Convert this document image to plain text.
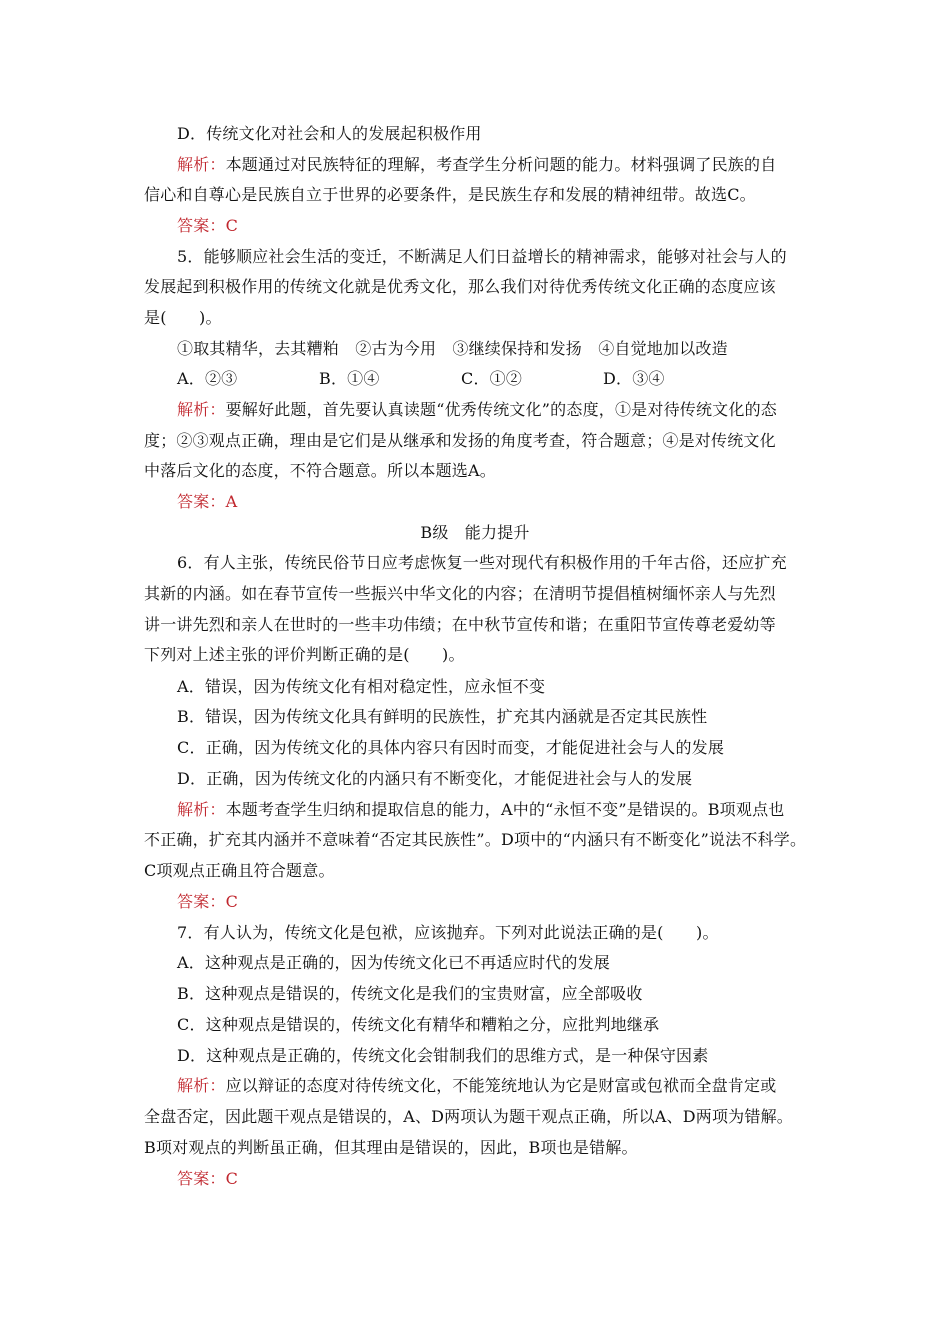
D．传统文化对社会和人的发展起积极作用
解析：本题通过对民族特征的理解，考查学生分析问题的能力。材料强调了民族的自
信心和自尊心是民族自立于世界的必要条件，是民族生存和发展的精神纽带。故选C。
答案：C
5．能够顺应社会生活的变迁，不断满足人们日益增长的精神需求，能够对社会与人的
发展起到积极作用的传统文化就是优秀文化，那么我们对待优秀传统文化正确的态度应该
是(　　)。
①取其精华，去其糟粕　②古为今用　③继续保持和发扬　④自觉地加以改造
A．②③	B．①④	C．①②	D．③④
解析：要解好此题，首先要认真读题“优秀传统文化”的态度，①是对待传统文化的态
度；②③观点正确，理由是它们是从继承和发扬的角度考查，符合题意；④是对传统文化
中落后文化的态度，不符合题意。所以本题选A。
答案：A
B级　能力提升
6．有人主张，传统民俗节日应考虑恢复一些对现代有积极作用的千年古俗，还应扩充
其新的内涵。如在春节宣传一些振兴中华文化的内容；在清明节提倡植树缅怀亲人与先烈
讲一讲先烈和亲人在世时的一些丰功伟绩；在中秋节宣传和谐；在重阳节宣传尊老爱幼等
下列对上述主张的评价判断正确的是(　　)。
A．错误，因为传统文化有相对稳定性，应永恒不变
B．错误，因为传统文化具有鲜明的民族性，扩充其内涵就是否定其民族性
C．正确，因为传统文化的具体内容只有因时而变，才能促进社会与人的发展
D．正确，因为传统文化的内涵只有不断变化，才能促进社会与人的发展
解析：本题考查学生归纳和提取信息的能力，A中的“永恒不变”是错误的。B项观点也
不正确，扩充其内涵并不意味着“否定其民族性”。D项中的“内涵只有不断变化”说法不科学。
C项观点正确且符合题意。
答案：C
7．有人认为，传统文化是包袱，应该抛弃。下列对此说法正确的是(　　)。
A．这种观点是正确的，因为传统文化已不再适应时代的发展
B．这种观点是错误的，传统文化是我们的宝贵财富，应全部吸收
C．这种观点是错误的，传统文化有精华和糟粕之分，应批判地继承
D．这种观点是正确的，传统文化会钳制我们的思维方式，是一种保守因素
解析：应以辩证的态度对待传统文化，不能笼统地认为它是财富或包袱而全盘肯定或
全盘否定，因此题干观点是错误的，A、D两项认为题干观点正确，所以A、D两项为错解。
B项对观点的判断虽正确，但其理由是错误的，因此，B项也是错解。
答案：C
